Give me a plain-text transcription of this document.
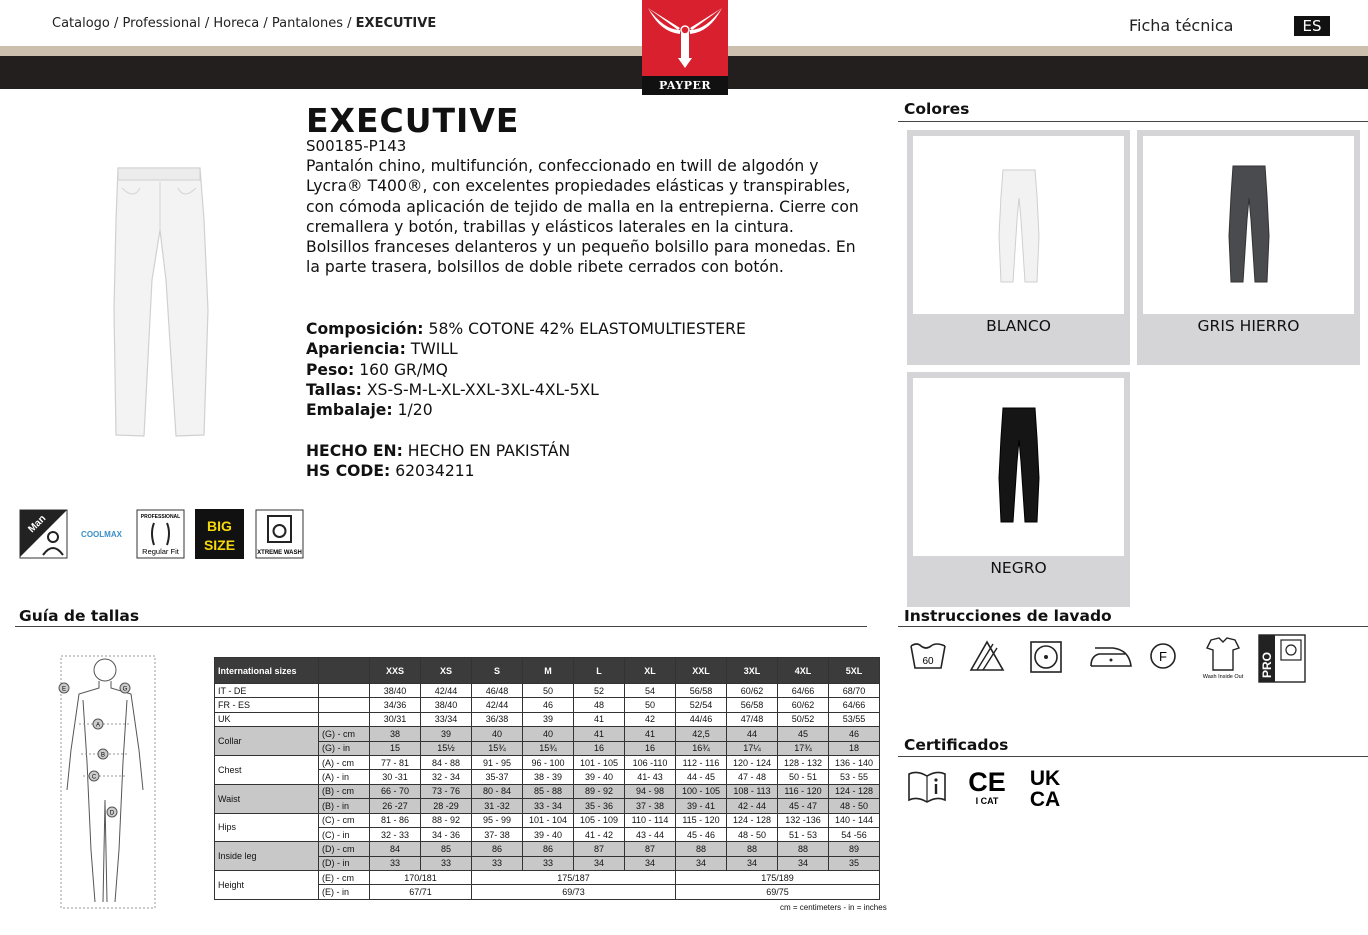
Catalogo / Professional / Horeca / Pantalones / EXECUTIVE	Ficha técnica	ES
PAYPER
EXECUTIVE
S00185-P143

Pantalón chino, multifunción, confeccionado en twill de algodón y Lycra® T400®, con excelentes propiedades elásticas y transpirables, con cómoda aplicación de tejido de malla en la entrepierna. Cierre con cremallera y botón, trabillas y elásticos laterales en la cintura. Bolsillos franceses delanteros y un pequeño bolsillo para monedas. En la parte trasera, bolsillos de doble ribete cerrados con botón.

Composición: 58% COTONE 42% ELASTOMULTIESTERE
Apariencia: TWILL
Peso: 160 GR/MQ
Tallas: XS-S-M-L-XL-XXL-3XL-4XL-5XL
Embalaje: 1/20
HECHO EN: HECHO EN PAKISTÁN
HS CODE: 62034211
Man	COOLMAX
PROFESSIONAL
Regular Fit
BIG
SIZE	XTREME WASH
Colores
BLANCO	GRIS HIERRO
NEGRO
Guía de tallas
E	G
A
B
C
D
International sizes		XXS	XS	S	M	L	XL	XXL	3XL	4XL	5XL
IT - DE		38/40	42/44	46/48	50	52	54	56/58	60/62	64/66	68/70
FR - ES		34/36	38/40	42/44	46	48	50	52/54	56/58	60/62	64/66
UK		30/31	33/34	36/38	39	41	42	44/46	47/48	50/52	53/55
Collar	(G) - cm	38	39	40	40	41	41	42,5	44	45	46
	(G) - in	15	15½	15¾	15¾	16	16	16¾	17¼	17¾	18
Chest	(A) - cm	77 - 81	84 - 88	91 - 95	96 - 100	101 - 105	106 -110	112 - 116	120 - 124	128 - 132	136 - 140
	(A) - in	30 -31	32 - 34	35-37	38 - 39	39 - 40	41- 43	44 - 45	47 - 48	50 - 51	53 - 55
Waist	(B) - cm	66 - 70	73 - 76	80 - 84	85 - 88	89 - 92	94 - 98	100 - 105	108 - 113	116 - 120	124 - 128
	(B) - in	26 -27	28 -29	31 -32	33 - 34	35 - 36	37 - 38	39 - 41	42 - 44	45 - 47	48 - 50
Hips	(C) - cm	81 - 86	88 - 92	95 - 99	101 - 104	105 - 109	110 - 114	115 - 120	124 - 128	132 -136	140 - 144
	(C) - in	32 - 33	34 - 36	37- 38	39 - 40	41 - 42	43 - 44	45 - 46	48 - 50	51 - 53	54 -56
Inside leg	(D) - cm	84	85	86	86	87	87	88	88	88	89
	(D) - in	33	33	33	33	34	34	34	34	34	35
Height	(E) - cm	170/181		175/187				175/189			
	(E) - in	67/71		69/73				69/75			
cm = centimeters - in = inches
Instrucciones de lavado
60	F
Wash Inside Out PRO
Certificados
CE
I CAT
UK
CA
